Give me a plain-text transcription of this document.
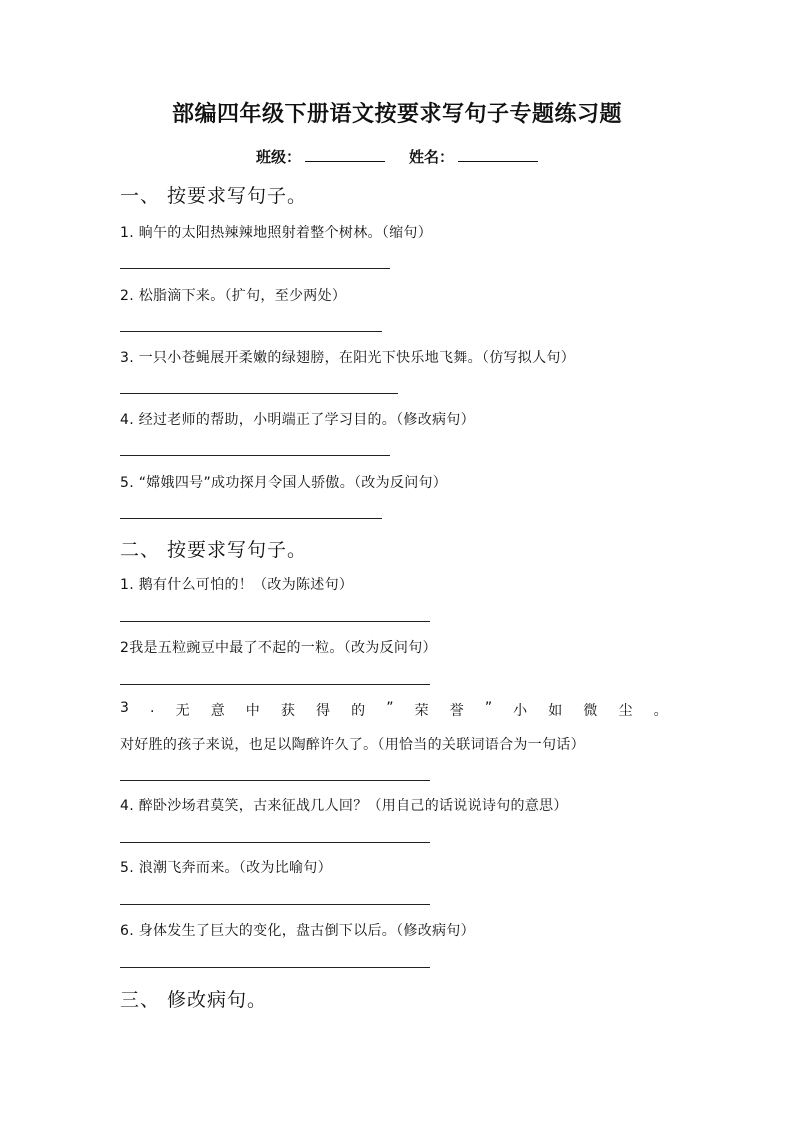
部编四年级下册语文按要求写句子专题练习题
班级：	姓名：
一、 按要求写句子。
1. 晌午的太阳热辣辣地照射着整个树林。（缩句）
2. 松脂滴下来。（扩句，至少两处）
3. 一只小苍蝇展开柔嫩的绿翅膀，在阳光下快乐地飞舞。（仿写拟人句）
4. 经过老师的帮助，小明端正了学习目的。（修改病句）
5. “嫦娥四号”成功探月令国人骄傲。（改为反问句）
二、 按要求写句子。
1. 鹅有什么可怕的！（改为陈述句）
2我是五粒豌豆中最了不起的一粒。（改为反问句）
3 . 无 意 中 获 得 的 ” 荣 誉 ” 小 如 微 尘 。
对好胜的孩子来说，也足以陶醉许久了。（用恰当的关联词语合为一句话）
4. 醉卧沙场君莫笑，古来征战几人回？（用自己的话说说诗句的意思）
5. 浪潮飞奔而来。（改为比喻句）
6. 身体发生了巨大的变化，盘古倒下以后。（修改病句）
三、 修改病句。
